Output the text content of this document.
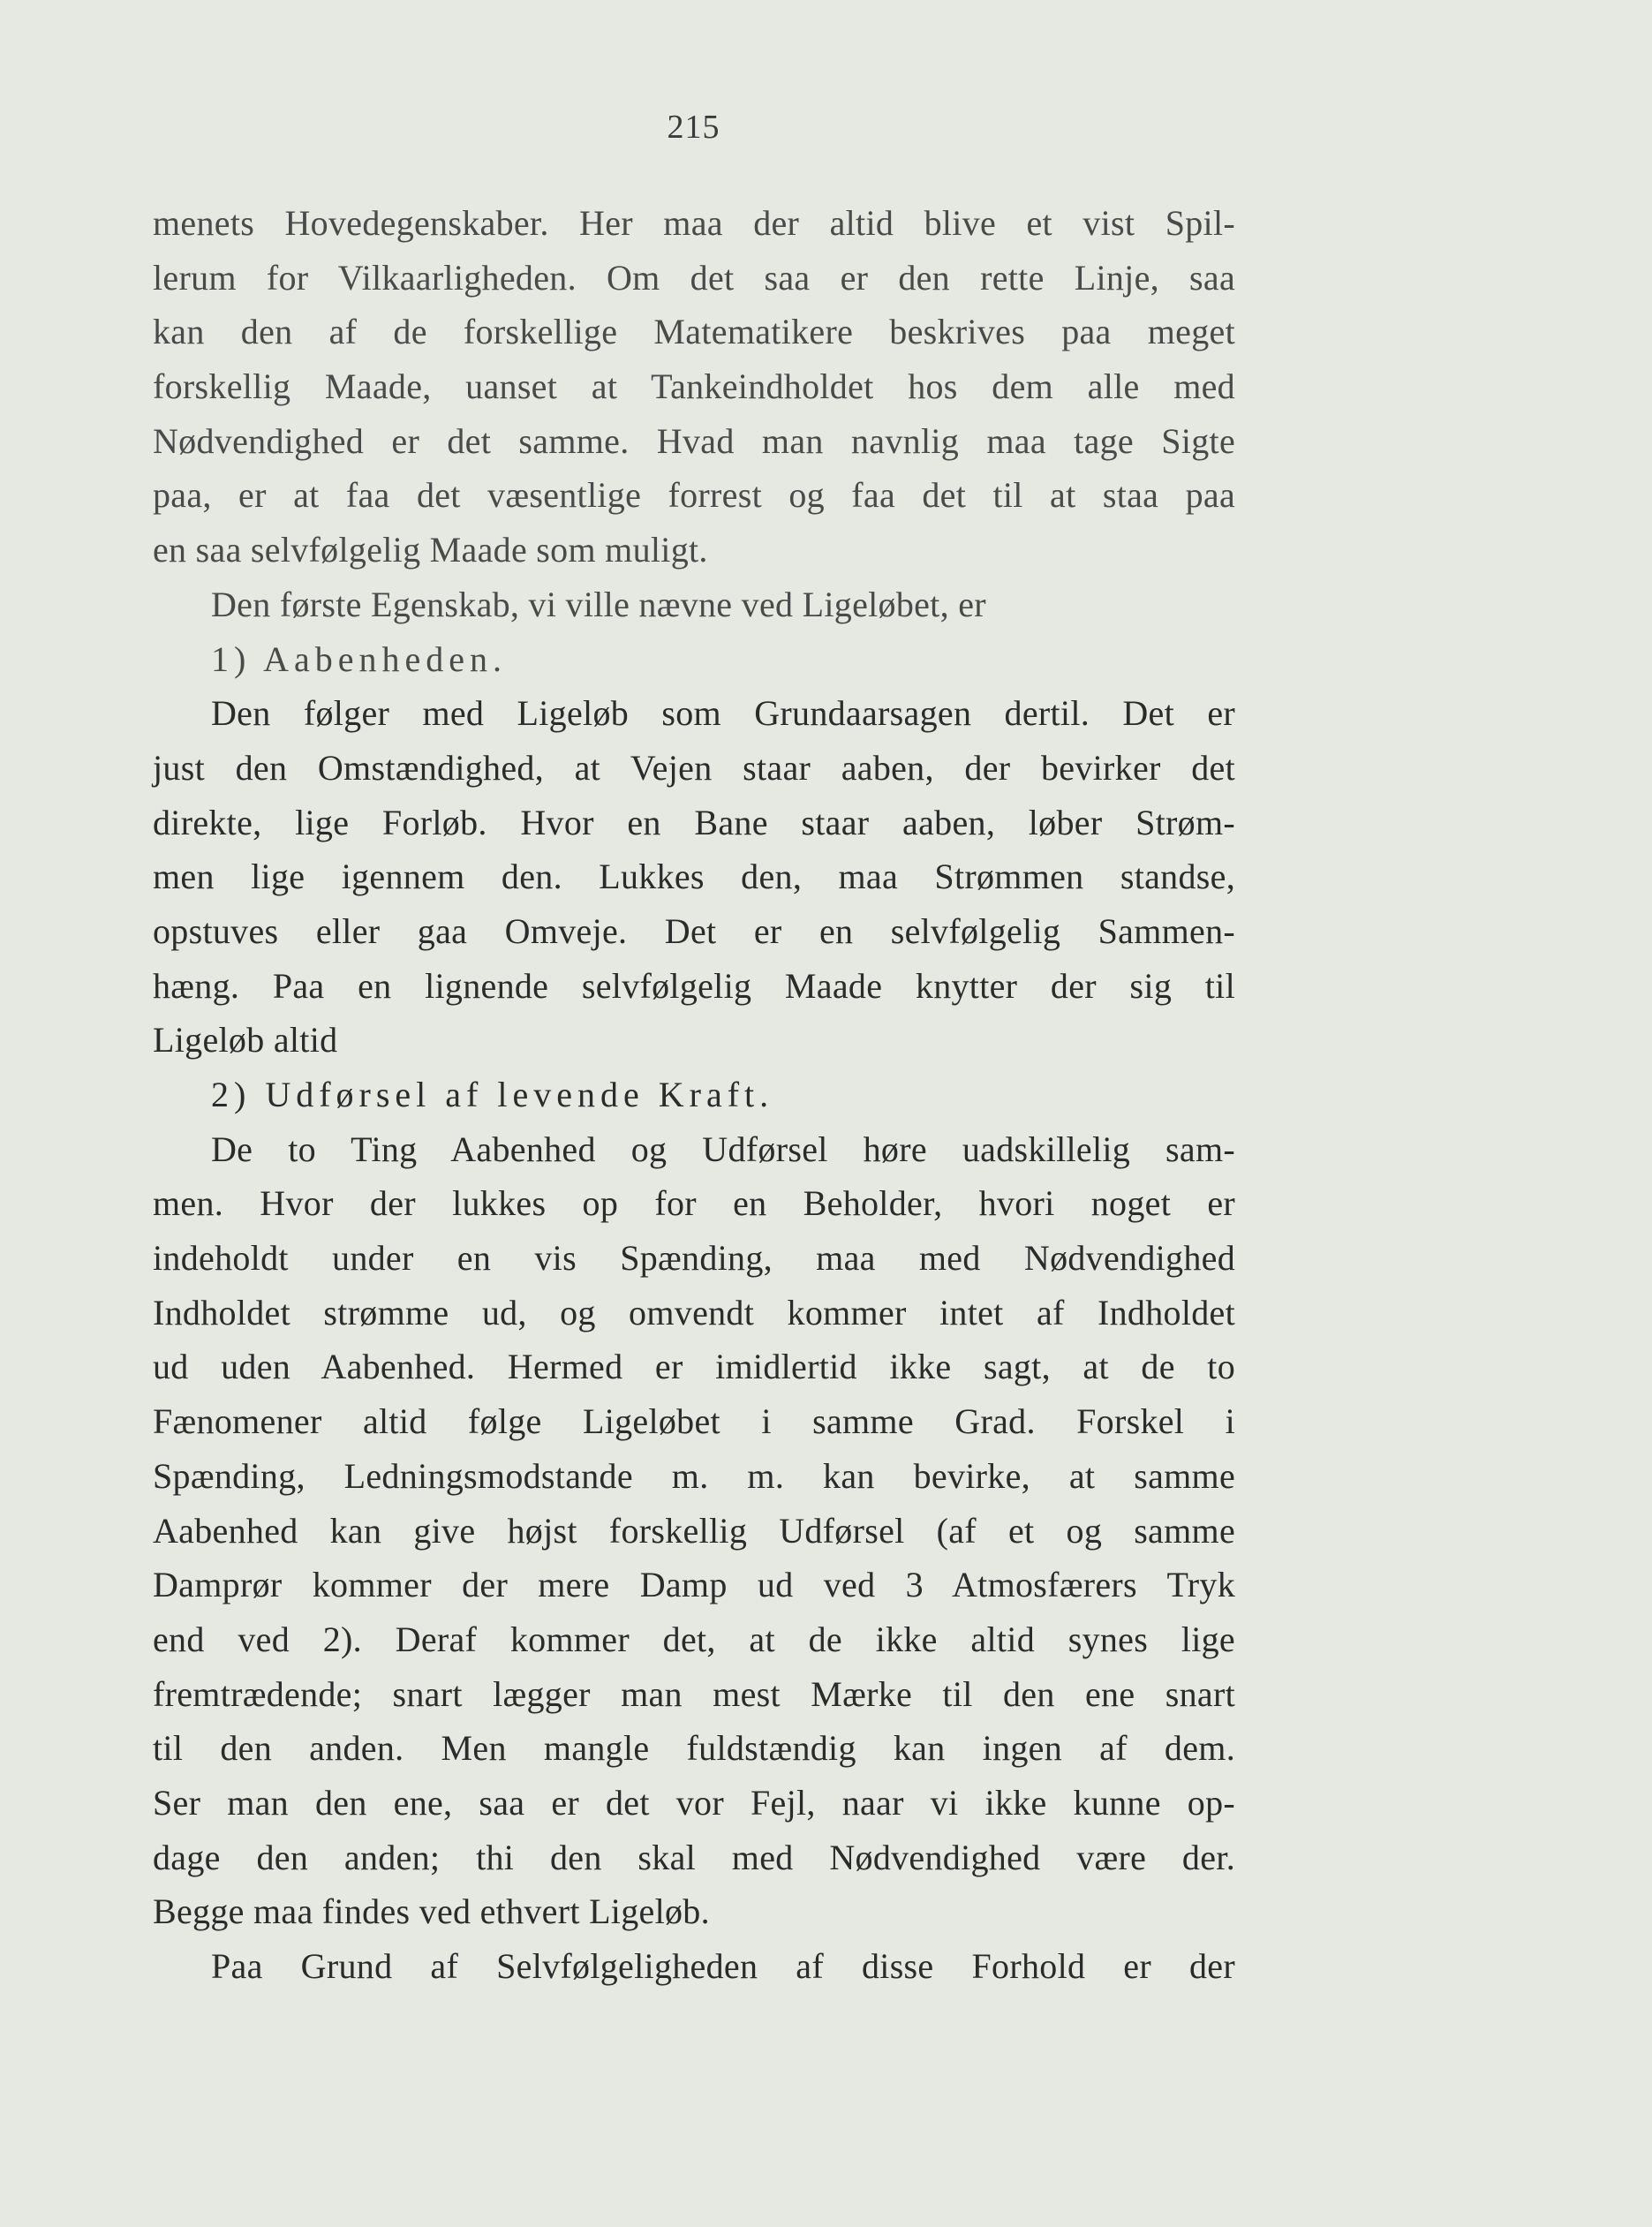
215
menets Hovedegenskaber. Her maa der altid blive et vist Spil-
lerum for Vilkaarligheden. Om det saa er den rette Linje, saa
kan den af de forskellige Matematikere beskrives paa meget
forskellig Maade, uanset at Tankeindholdet hos dem alle med
Nødvendighed er det samme. Hvad man navnlig maa tage Sigte
paa, er at faa det væsentlige forrest og faa det til at staa paa
en saa selvfølgelig Maade som muligt.
Den første Egenskab, vi ville nævne ved Ligeløbet, er
1) Aabenheden.
Den følger med Ligeløb som Grundaarsagen dertil. Det er
just den Omstændighed, at Vejen staar aaben, der bevirker det
direkte, lige Forløb. Hvor en Bane staar aaben, løber Strøm-
men lige igennem den. Lukkes den, maa Strømmen standse,
opstuves eller gaa Omveje. Det er en selvfølgelig Sammen-
hæng. Paa en lignende selvfølgelig Maade knytter der sig til
Ligeløb altid
2) Udførsel af levende Kraft.
De to Ting Aabenhed og Udførsel høre uadskillelig sam-
men. Hvor der lukkes op for en Beholder, hvori noget er
indeholdt under en vis Spænding, maa med Nødvendighed
Indholdet strømme ud, og omvendt kommer intet af Indholdet
ud uden Aabenhed. Hermed er imidlertid ikke sagt, at de to
Fænomener altid følge Ligeløbet i samme Grad. Forskel i
Spænding, Ledningsmodstande m. m. kan bevirke, at samme
Aabenhed kan give højst forskellig Udførsel (af et og samme
Damprør kommer der mere Damp ud ved 3 Atmosfærers Tryk
end ved 2). Deraf kommer det, at de ikke altid synes lige
fremtrædende; snart lægger man mest Mærke til den ene snart
til den anden. Men mangle fuldstændig kan ingen af dem.
Ser man den ene, saa er det vor Fejl, naar vi ikke kunne op-
dage den anden; thi den skal med Nødvendighed være der.
Begge maa findes ved ethvert Ligeløb.
Paa Grund af Selvfølgeligheden af disse Forhold er der
